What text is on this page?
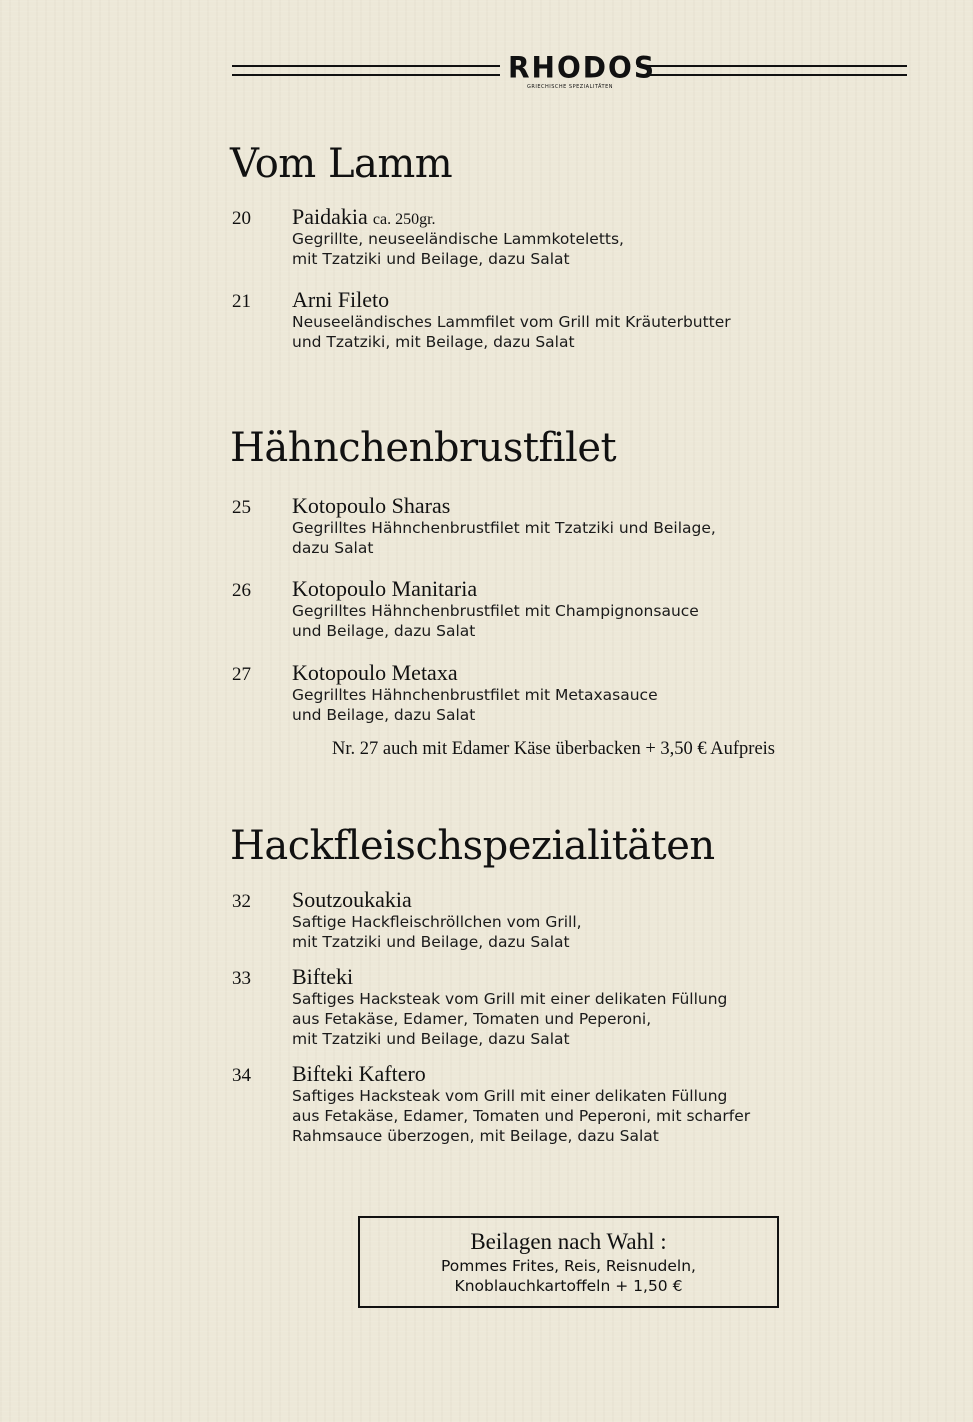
RHODOS
GRIECHISCHE SPEZIALITÄTEN
Vom Lamm
20 Paidakia ca. 250gr.
Gegrillte, neuseeländische Lammkoteletts,
mit Tzatziki und Beilage, dazu Salat
21 Arni Fileto
Neuseeländisches Lammfilet vom Grill mit Kräuterbutter
und Tzatziki, mit Beilage, dazu Salat
Hähnchenbrustfilet
25 Kotopoulo Sharas
Gegrilltes Hähnchenbrustfilet mit Tzatziki und Beilage,
dazu Salat
26 Kotopoulo Manitaria
Gegrilltes Hähnchenbrustfilet mit Champignonsauce
und Beilage, dazu Salat
27 Kotopoulo Metaxa
Gegrilltes Hähnchenbrustfilet mit Metaxasauce
und Beilage, dazu Salat
Nr. 27 auch mit Edamer Käse überbacken + 3,50 € Aufpreis
Hackfleischspezialitäten
32 Soutzoukakia
Saftige Hackfleischröllchen vom Grill,
mit Tzatziki und Beilage, dazu Salat
33 Bifteki
Saftiges Hacksteak vom Grill mit einer delikaten Füllung
aus Fetakäse, Edamer, Tomaten und Peperoni,
mit Tzatziki und Beilage, dazu Salat
34 Bifteki Kaftero
Saftiges Hacksteak vom Grill mit einer delikaten Füllung
aus Fetakäse, Edamer, Tomaten und Peperoni, mit scharfer
Rahmsauce überzogen, mit Beilage, dazu Salat
Beilagen nach Wahl :
Pommes Frites, Reis, Reisnudeln,
Knoblauchkartoffeln + 1,50 €
